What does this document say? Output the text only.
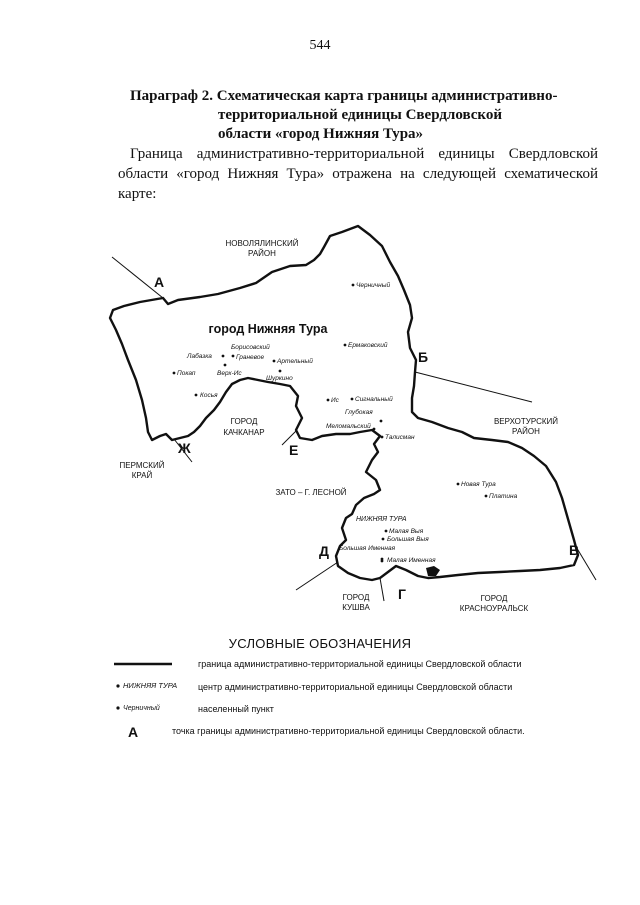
544
Параграф 2. Схематическая карта границы административно-
территориальной единицы Свердловской
области «город Нижняя Тура»
Граница административно-территориальной единицы Свердловской
области «город Нижняя Тура» отражена на следующей схематической карте:
НОВОЛЯЛИНСКИЙ
РАЙОН
ВЕРХОТУРСКИЙ
РАЙОН
ПЕРМСКИЙ
КРАЙ
ГОРОД
КАЧКАНАР
ЗАТО – Г. ЛЕСНОЙ
ГОРОД
КУШВА
ГОРОД
КРАСНОУРАЛЬСК
город Нижняя Тура
А
Б
В
Г
Д
Е
Ж
Черничный
Ермаковский
Борисовский
Лабазка	Граневое
Артельный
Покап	Верх-Ис
Шуркино
Косья
Ис Сигнальный
Глубокая
Меломальский
Талисман
Новая Тура
Платина
Малая Выя
Большая Выя
Большая Именная
Малая Именная
НИЖНЯЯ ТУРА
НИЖНЯЯ ТУРА
Черничный
А
УСЛОВНЫЕ ОБОЗНАЧЕНИЯ
граница административно-территориальной единицы Свердловской области
центр административно-территориальной единицы Свердловской области
населенный пункт
точка границы административно-территориальной единицы Свердловской области.
